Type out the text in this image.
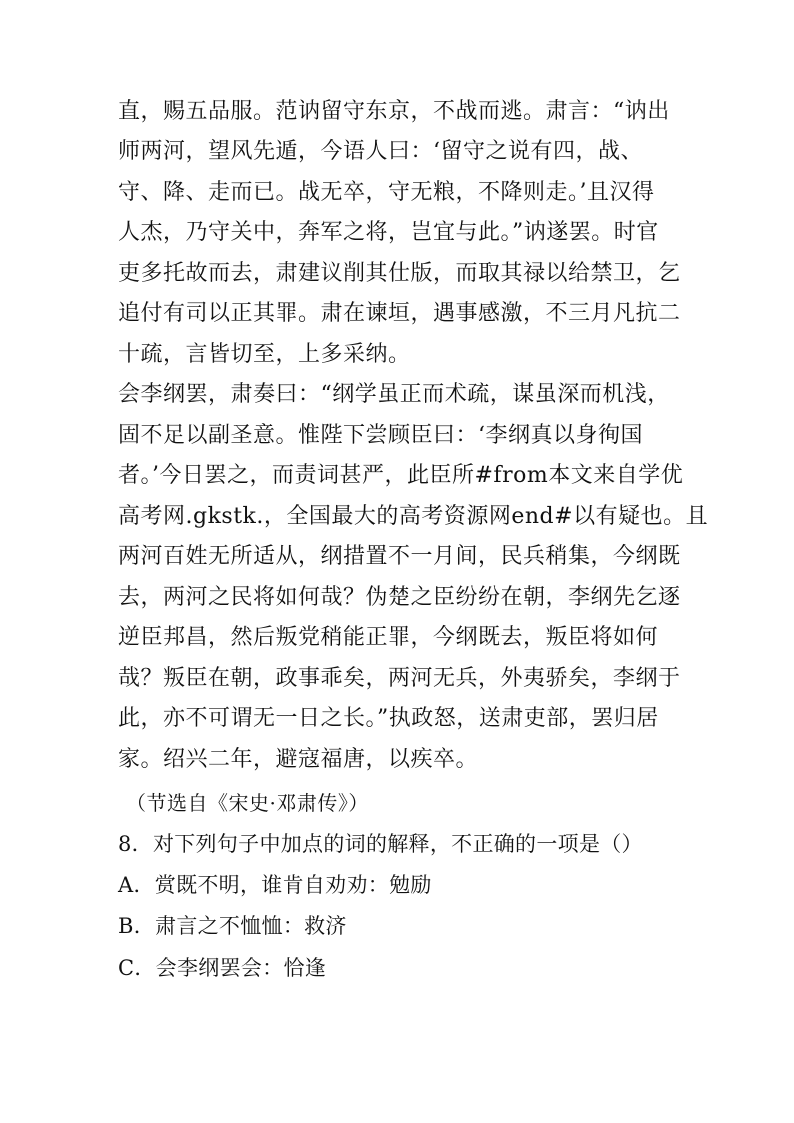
直，赐五品服。范讷留守东京，不战而逃。肃言：“讷出
师两河，望风先遁，今语人曰：‘留守之说有四，战、
守、降、走而已。战无卒，守无粮，不降则走。’且汉得
人杰，乃守关中，奔军之将，岂宜与此。”讷遂罢。时官
吏多托故而去，肃建议削其仕版，而取其禄以给禁卫，乞
追付有司以正其罪。肃在谏垣，遇事感激，不三月凡抗二
十疏，言皆切至，上多采纳。
会李纲罢，肃奏曰：“纲学虽正而术疏，谋虽深而机浅，
固不足以副圣意。惟陛下尝顾臣曰：‘李纲真以身徇国
者。’今日罢之，而责词甚严，此臣所#from本文来自学优
高考网.gkstk.，全国最大的高考资源网end#以有疑也。且
两河百姓无所适从，纲措置不一月间，民兵稍集，今纲既
去，两河之民将如何哉？伪楚之臣纷纷在朝，李纲先乞逐
逆臣邦昌，然后叛党稍能正罪，今纲既去，叛臣将如何
哉？叛臣在朝，政事乖矣，两河无兵，外夷骄矣，李纲于
此，亦不可谓无一日之长。”执政怒，送肃吏部，罢归居
家。绍兴二年，避寇福唐，以疾卒。
（节选自《宋史·邓肃传》）
8．对下列句子中加点的词的解释，不正确的一项是（）
A．赏既不明，谁肯自劝劝：勉励
B．肃言之不恤恤：救济
C．会李纲罢会：恰逢
